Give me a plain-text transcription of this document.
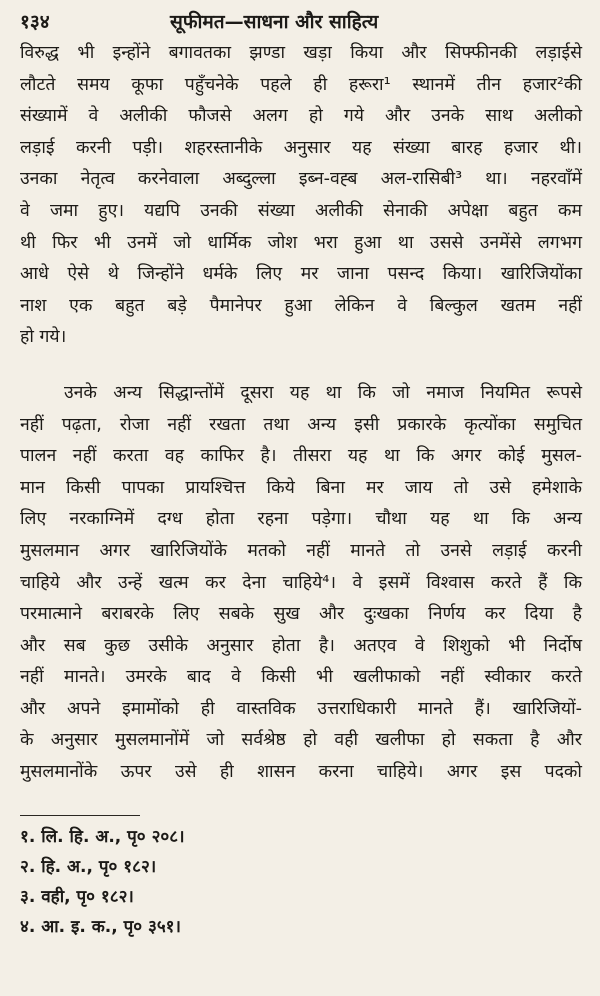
१३४	सूफीमत—साधना और साहित्य

विरुद्ध भी इन्होंने बगावतका झण्डा खड़ा किया और सिफ्फीनकी लड़ाईसे

लौटते समय कूफा पहुँचनेके पहले ही हरूरा¹ स्थानमें तीन हजार²की

संख्यामें वे अलीकी फौजसे अलग हो गये और उनके साथ अलीको

लड़ाई करनी पड़ी। शहरस्तानीके अनुसार यह संख्या बारह हजार थी।

उनका नेतृत्व करनेवाला अब्दुल्ला इब्न-वह्ब अल-रासिबी³ था। नहरवाँमें

वे जमा हुए। यद्यपि उनकी संख्या अलीकी सेनाकी अपेक्षा बहुत कम

थी फिर भी उनमें जो धार्मिक जोश भरा हुआ था उससे उनमेंसे लगभग

आधे ऐसे थे जिन्होंने धर्मके लिए मर जाना पसन्द किया। खारिजियोंका

नाश एक बहुत बड़े पैमानेपर हुआ लेकिन वे बिल्कुल खतम नहीं

हो गये।

उनके अन्य सिद्धान्तोंमें दूसरा यह था कि जो नमाज नियमित रूपसे

नहीं पढ़ता, रोजा नहीं रखता तथा अन्य इसी प्रकारके कृत्योंका समुचित

पालन नहीं करता वह काफिर है। तीसरा यह था कि अगर कोई मुसल-

मान किसी पापका प्रायश्चित्त किये बिना मर जाय तो उसे हमेशाके

लिए नरकाग्निमें दग्ध होता रहना पड़ेगा। चौथा यह था कि अन्य

मुसलमान अगर खारिजियोंके मतको नहीं मानते तो उनसे लड़ाई करनी

चाहिये और उन्हें खत्म कर देना चाहिये⁴। वे इसमें विश्वास करते हैं कि

परमात्माने बराबरके लिए सबके सुख और दुःखका निर्णय कर दिया है

और सब कुछ उसीके अनुसार होता है। अतएव वे शिशुको भी निर्दोष

नहीं मानते। उमरके बाद वे किसी भी खलीफाको नहीं स्वीकार करते

और अपने इमामोंको ही वास्तविक उत्तराधिकारी मानते हैं। खारिजियों-

के अनुसार मुसलमानोंमें जो सर्वश्रेष्ठ हो वही खलीफा हो सकता है और

मुसलमानोंके ऊपर उसे ही शासन करना चाहिये। अगर इस पदको

१. लि. हि. अ., पृ० २०८।

२. हि. अ., पृ० १८२।

३. वही, पृ० १८२।

४. आ. इ. क., पृ० ३५१।
